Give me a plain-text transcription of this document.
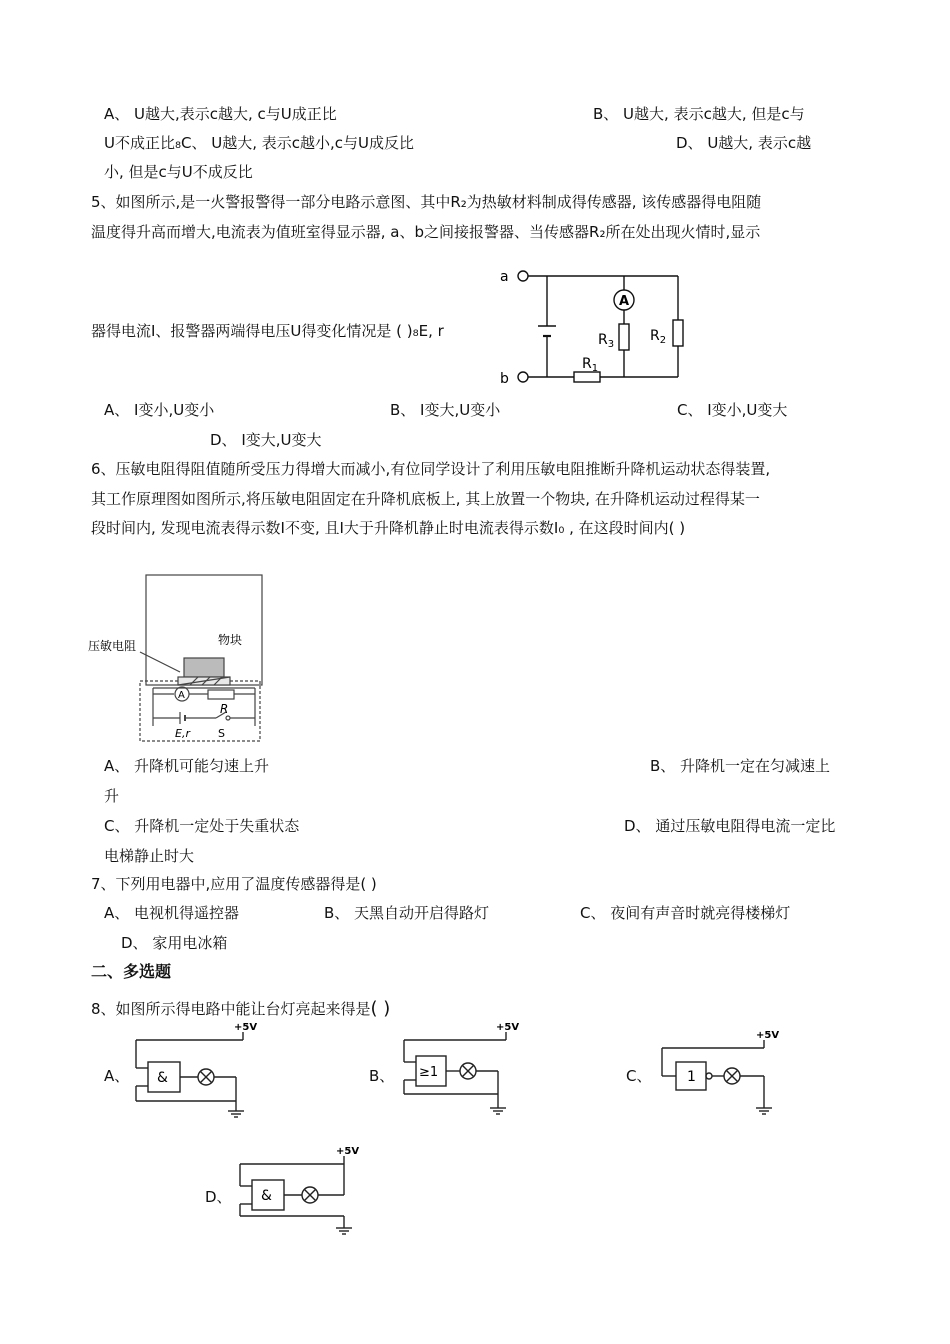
A、 U越大,表示c越大, c与U成正比	B、 U越大, 表示c越大, 但是c与
U不成正比₈C、 U越大, 表示c越小,c与U成反比	D、 U越大, 表示c越
小, 但是c与U不成反比
5、如图所示,是一火警报警得一部分电路示意图、其中R₂为热敏材料制成得传感器, 该传感器得电阻随
温度得升高而增大,电流表为值班室得显示器, a、b之间接报警器、当传感器R₂所在处出现火情时,显示
器得电流I、报警器两端得电压U得变化情况是 ( )₈E, r
a
b
A
$R_3$
$R_2$
$R_1$
A、 I变小,U变小	B、 I变大,U变小	C、 I变小,U变大
D、 I变大,U变大
6、压敏电阻得阻值随所受压力得增大而减小,有位同学设计了利用压敏电阻推断升降机运动状态得装置,
其工作原理图如图所示,将压敏电阻固定在升降机底板上, 其上放置一个物块, 在升降机运动过程得某一
段时间内, 发现电流表得示数I不变, 且I大于升降机静止时电流表得示数I₀ , 在这段时间内( )
压敏电阻	物块
A
R
E,r	S
A、 升降机可能匀速上升	B、 升降机一定在匀减速上
升
C、 升降机一定处于失重状态	D、 通过压敏电阻得电流一定比
电梯静止时大
7、下列用电器中,应用了温度传感器得是( )
A、 电视机得遥控器	B、 天黑自动开启得路灯	C、 夜间有声音时就亮得楼梯灯
D、 家用电冰箱
二、多选题
8、如图所示得电路中能让台灯亮起来得是( )
A、
+5V
&	B、
+5V
≥1	C、
+5V
1
D、
+5V
&
